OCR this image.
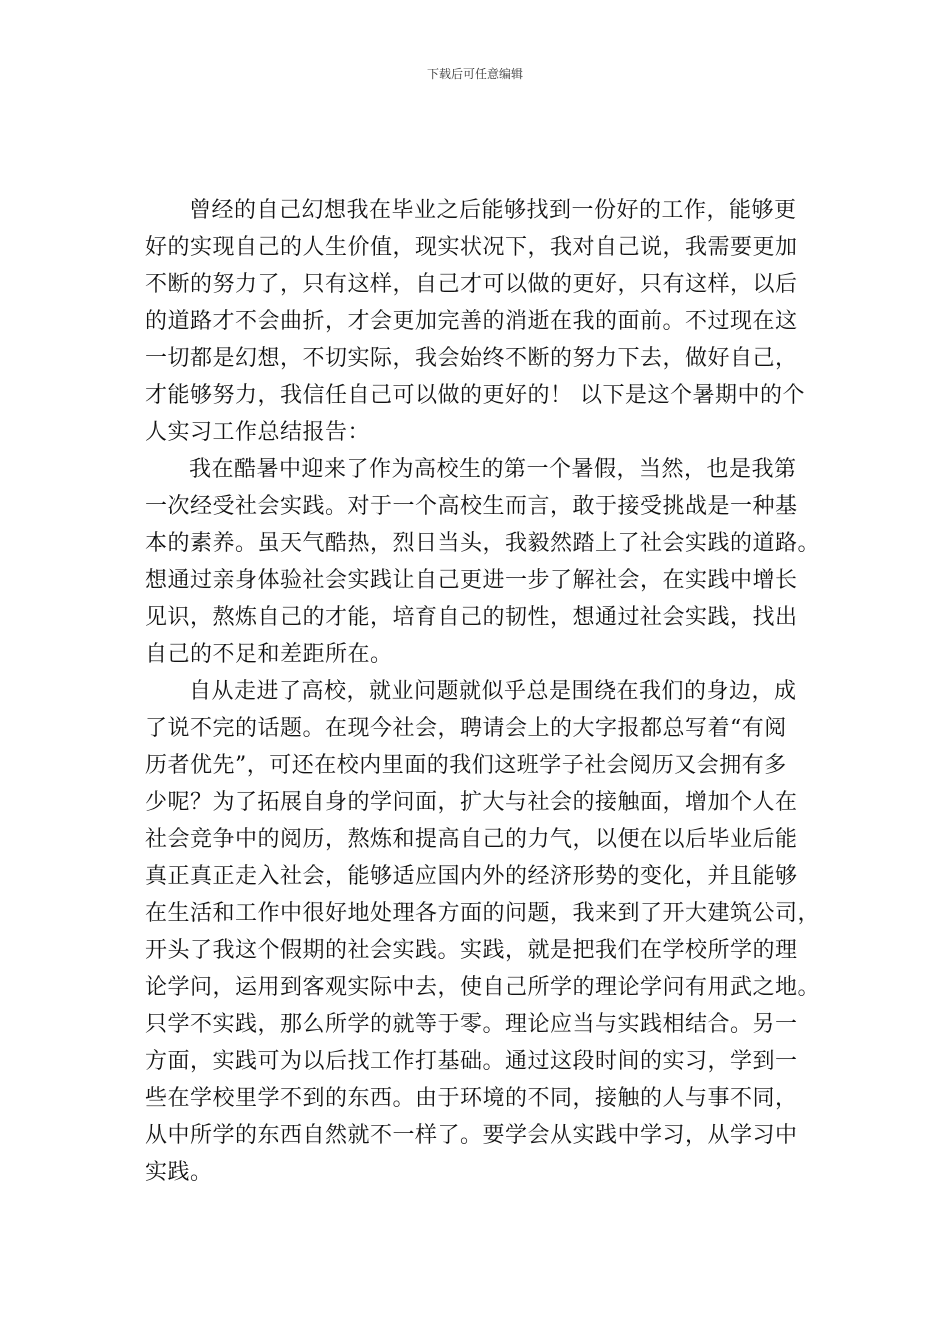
下载后可任意编辑
曾经的自己幻想我在毕业之后能够找到一份好的工作，能够更
好的实现自己的人生价值，现实状况下，我对自己说，我需要更加
不断的努力了，只有这样，自己才可以做的更好，只有这样，以后
的道路才不会曲折，才会更加完善的消逝在我的面前。不过现在这
一切都是幻想，不切实际，我会始终不断的努力下去，做好自己，
才能够努力，我信任自己可以做的更好的！ 以下是这个暑期中的个
人实习工作总结报告：
我在酷暑中迎来了作为高校生的第一个暑假，当然，也是我第
一次经受社会实践。对于一个高校生而言，敢于接受挑战是一种基
本的素养。虽天气酷热，烈日当头，我毅然踏上了社会实践的道路。
想通过亲身体验社会实践让自己更进一步了解社会，在实践中增长
见识，熬炼自己的才能，培育自己的韧性，想通过社会实践，找出
自己的不足和差距所在。
自从走进了高校，就业问题就似乎总是围绕在我们的身边，成
了说不完的话题。在现今社会，聘请会上的大字报都总写着“有阅
历者优先”，可还在校内里面的我们这班学子社会阅历又会拥有多
少呢？为了拓展自身的学问面，扩大与社会的接触面，增加个人在
社会竞争中的阅历，熬炼和提高自己的力气，以便在以后毕业后能
真正真正走入社会，能够适应国内外的经济形势的变化，并且能够
在生活和工作中很好地处理各方面的问题，我来到了开大建筑公司，
开头了我这个假期的社会实践。实践，就是把我们在学校所学的理
论学问，运用到客观实际中去，使自己所学的理论学问有用武之地。
只学不实践，那么所学的就等于零。理论应当与实践相结合。另一
方面，实践可为以后找工作打基础。通过这段时间的实习，学到一
些在学校里学不到的东西。由于环境的不同，接触的人与事不同，
从中所学的东西自然就不一样了。要学会从实践中学习，从学习中
实践。
